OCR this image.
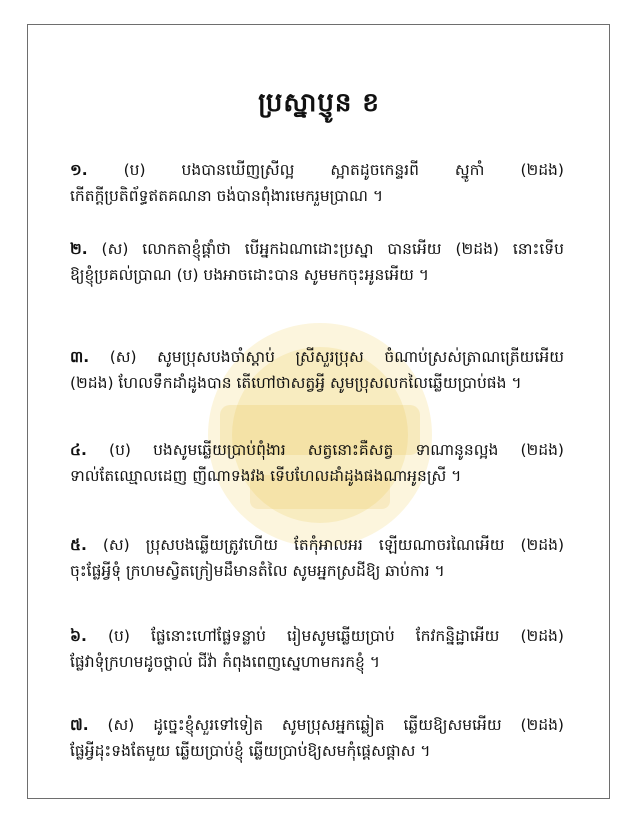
ប្រស្នាប្ញូន ខ
១. (ប) បងបានឃើញស្រីល្អ ស្អាតដូចកេន្ទរពី ស្នូកាំ (២ដង)
កើតក្តីប្រតិព័ទ្ធឥតគណនា ចង់បានពុំងារមេករួមប្រាណ ។
២. (ស) លោកតាខ្ញុំផ្តាំថា បើអ្នកឯណាដោះប្រស្នា បានអើយ (២ដង) នោះទើប
ឱ្យខ្ញុំប្រគល់ប្រាណ (ប) បងអាចដោះបាន សូមមកចុះអូនអើយ ។
៣. (ស) សូមប្រុសបងចាំស្ដាប់ ស្រីសួរប្រុស ចំណាប់ស្រស់ត្រាណត្រើយអើយ
(២ដង) ហែលទឹកដាំដូងបាន តើហៅថាសត្វអ្វី សូមប្រុសលកលៃឆ្លើយប្រាប់ផង ។
៤. (ប) បងសូមឆ្លើយប្រាប់ពុំងារ សត្វនោះគឺសត្វ ទាណានូនល្អង (២ដង)
ទាល់តែឈ្មោលដេញ ញីណាទងវង ទើបហែលដាំដូងផងណាអូនស្រី ។
៥. (ស) ប្រុសបងឆ្លើយត្រូវហើយ តែកុំអាលអរ ឡើយណាចរណៃអើយ (២ដង)
ចុះផ្លែអ្វីទុំ ក្រហមស្វិតក្រៀមដឹមានតំលៃ សូមអ្នកស្រដីឱ្យ ឆាប់ការ ។
៦. (ប) ផ្លែនោះហៅផ្លែទន្លាប់ រៀមសូមឆ្លើយប្រាប់ កែវកន្និដ្ឋាអើយ (២ដង)
ផ្លែវាទុំក្រហមដូចថ្ពាល់ ជីវ៉ា កំពុងពេញស្នេហាមករកខ្ញុំ ។
៧. (ស) ដូច្នេះខ្ញុំសួរទៅទៀត សូមប្រុសអ្នកឆ្លៀត ឆ្លើយឱ្យសមអើយ (២ដង)
ផ្លែអ្វីដុះទងតែមួយ ឆ្លើយប្រាប់ខ្ញុំ ឆ្លើយប្រាប់ឱ្យសមកុំផ្តេសផ្តាស ។
